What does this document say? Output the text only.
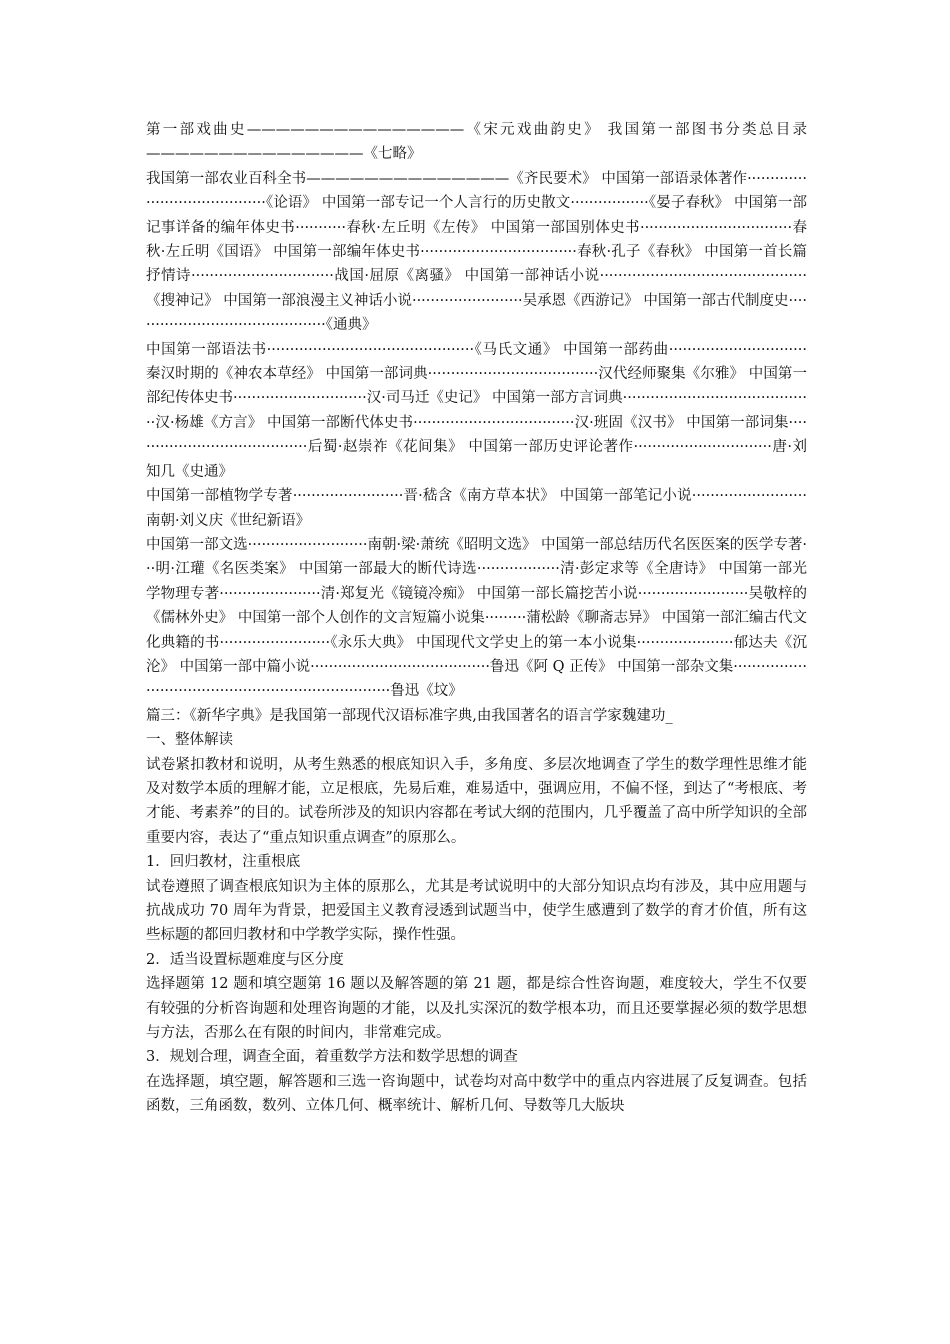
第一部戏曲史———————————————《宋元戏曲韵史》 我国第一部图书分类总目录———————————————《七略》

我国第一部农业百科全书——————————————《齐民要术》 中国第一部语录体著作·······································《论语》 中国第一部专记一个人言行的历史散文·················《晏子春秋》 中国第一部记事详备的编年体史书···········春秋·左丘明《左传》 中国第一部国别体史书·································春秋·左丘明《国语》 中国第一部编年体史书··································春秋·孔子《春秋》 中国第一首长篇抒情诗·······························战国·屈原《离骚》 中国第一部神话小说·············································《搜神记》 中国第一部浪漫主义神话小说························吴承恩《西游记》 中国第一部古代制度史···········································《通典》

中国第一部语法书·············································《马氏文通》 中国第一部药曲······························秦汉时期的《神农本草经》 中国第一部词典·····································汉代经师聚集《尔雅》 中国第一部纪传体史书·····························汉·司马迁《史记》 中国第一部方言词典··········································汉·杨雄《方言》 中国第一部断代体史书···································汉·班固《汉书》 中国第一部词集·······································后蜀·赵崇祚《花间集》 中国第一部历史评论著作······························唐·刘知几《史通》

中国第一部植物学专著························晋·嵇含《南方草本状》 中国第一部笔记小说·························南朝·刘义庆《世纪新语》

中国第一部文选··························南朝·梁·萧统《昭明文选》 中国第一部总结历代名医医案的医学专著···明·江瓘《名医类案》 中国第一部最大的断代诗选··················清·彭定求等《全唐诗》 中国第一部光学物理专著······················清·郑复光《镜镜冷痴》 中国第一部长篇挖苦小说························吴敬梓的《儒林外史》 中国第一部个人创作的文言短篇小说集·········蒲松龄《聊斋志异》 中国第一部汇编古代文化典籍的书························《永乐大典》 中国现代文学史上的第一本小说集·····················郁达夫《沉沦》 中国第一部中篇小说·······································鲁迅《阿 Q 正传》 中国第一部杂文集·····································································鲁迅《坟》

篇三：《新华字典》是我国第一部现代汉语标准字典,由我国著名的语言学家魏建功_

一、整体解读

试卷紧扣教材和说明，从考生熟悉的根底知识入手，多角度、多层次地调查了学生的数学理性思维才能及对数学本质的理解才能，立足根底，先易后难，难易适中，强调应用，不偏不怪，到达了“考根底、考才能、考素养”的目的。试卷所涉及的知识内容都在考试大纲的范围内，几乎覆盖了高中所学知识的全部重要内容，表达了“重点知识重点调查”的原那么。

1．回归教材，注重根底

试卷遵照了调查根底知识为主体的原那么，尤其是考试说明中的大部分知识点均有涉及，其中应用题与抗战成功 70 周年为背景，把爱国主义教育浸透到试题当中，使学生感遭到了数学的育才价值，所有这些标题的都回归教材和中学教学实际，操作性强。

2．适当设置标题难度与区分度

选择题第 12 题和填空题第 16 题以及解答题的第 21 题，都是综合性咨询题，难度较大，学生不仅要有较强的分析咨询题和处理咨询题的才能，以及扎实深沉的数学根本功，而且还要掌握必须的数学思想与方法，否那么在有限的时间内，非常难完成。

3．规划合理，调查全面，着重数学方法和数学思想的调查

在选择题，填空题，解答题和三选一咨询题中，试卷均对高中数学中的重点内容进展了反复调查。包括函数，三角函数，数列、立体几何、概率统计、解析几何、导数等几大版块
